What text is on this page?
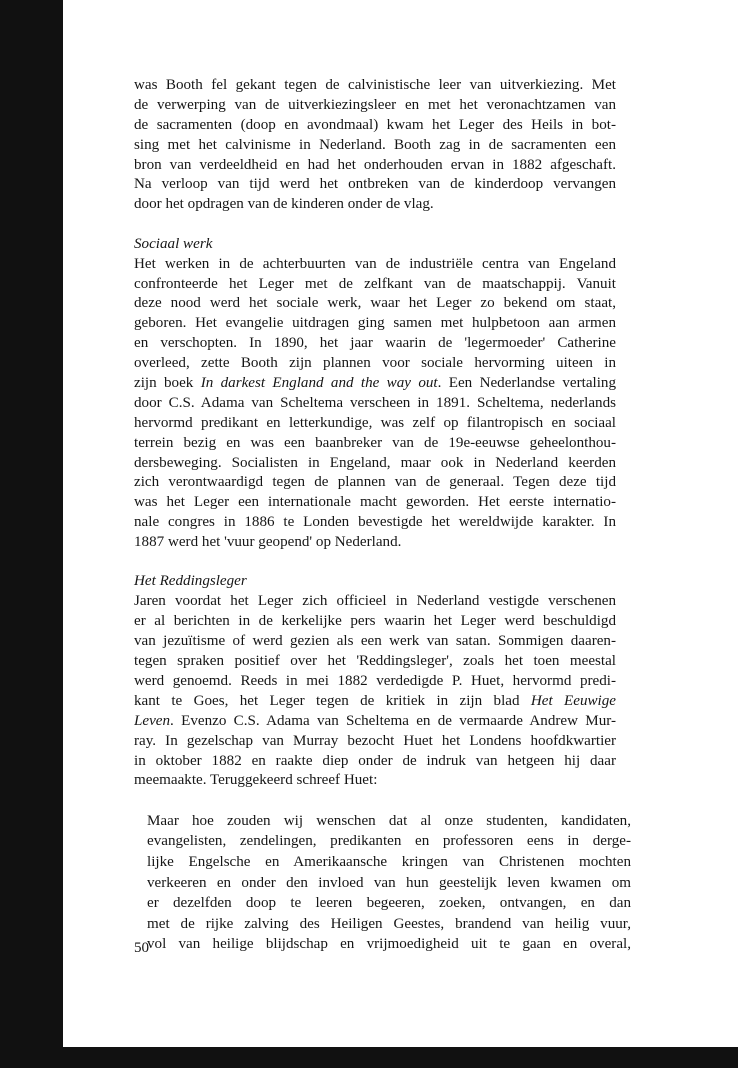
was Booth fel gekant tegen de calvinistische leer van uitverkiezing. Met
de verwerping van de uitverkiezingsleer en met het veronachtzamen van
de sacramenten (doop en avondmaal) kwam het Leger des Heils in bot-
sing met het calvinisme in Nederland. Booth zag in de sacramenten een
bron van verdeeldheid en had het onderhouden ervan in 1882 afgeschaft.
Na verloop van tijd werd het ontbreken van de kinderdoop vervangen
door het opdragen van de kinderen onder de vlag.
Sociaal werk
Het werken in de achterbuurten van de industriële centra van Engeland
confronteerde het Leger met de zelfkant van de maatschappij. Vanuit
deze nood werd het sociale werk, waar het Leger zo bekend om staat,
geboren. Het evangelie uitdragen ging samen met hulpbetoon aan armen
en verschopten. In 1890, het jaar waarin de 'legermoeder' Catherine
overleed, zette Booth zijn plannen voor sociale hervorming uiteen in
zijn boek In darkest England and the way out. Een Nederlandse vertaling
door C.S. Adama van Scheltema verscheen in 1891. Scheltema, nederlands
hervormd predikant en letterkundige, was zelf op filantropisch en sociaal
terrein bezig en was een baanbreker van de 19e-eeuwse geheelonthou-
dersbeweging. Socialisten in Engeland, maar ook in Nederland keerden
zich verontwaardigd tegen de plannen van de generaal. Tegen deze tijd
was het Leger een internationale macht geworden. Het eerste internatio-
nale congres in 1886 te Londen bevestigde het wereldwijde karakter. In
1887 werd het 'vuur geopend' op Nederland.
Het Reddingsleger
Jaren voordat het Leger zich officieel in Nederland vestigde verschenen
er al berichten in de kerkelijke pers waarin het Leger werd beschuldigd
van jezuïtisme of werd gezien als een werk van satan. Sommigen daaren-
tegen spraken positief over het 'Reddingsleger', zoals het toen meestal
werd genoemd. Reeds in mei 1882 verdedigde P. Huet, hervormd predi-
kant te Goes, het Leger tegen de kritiek in zijn blad Het Eeuwige
Leven. Evenzo C.S. Adama van Scheltema en de vermaarde Andrew Mur-
ray. In gezelschap van Murray bezocht Huet het Londens hoofdkwartier
in oktober 1882 en raakte diep onder de indruk van hetgeen hij daar
meemaakte. Teruggekeerd schreef Huet:
Maar hoe zouden wij wenschen dat al onze studenten, kandidaten,
evangelisten, zendelingen, predikanten en professoren eens in derge-
lijke Engelsche en Amerikaansche kringen van Christenen mochten
verkeeren en onder den invloed van hun geestelijk leven kwamen om
er dezelfden doop te leeren begeeren, zoeken, ontvangen, en dan
met de rijke zalving des Heiligen Geestes, brandend van heilig vuur,
vol van heilige blijdschap en vrijmoedigheid uit te gaan en overal,
50
